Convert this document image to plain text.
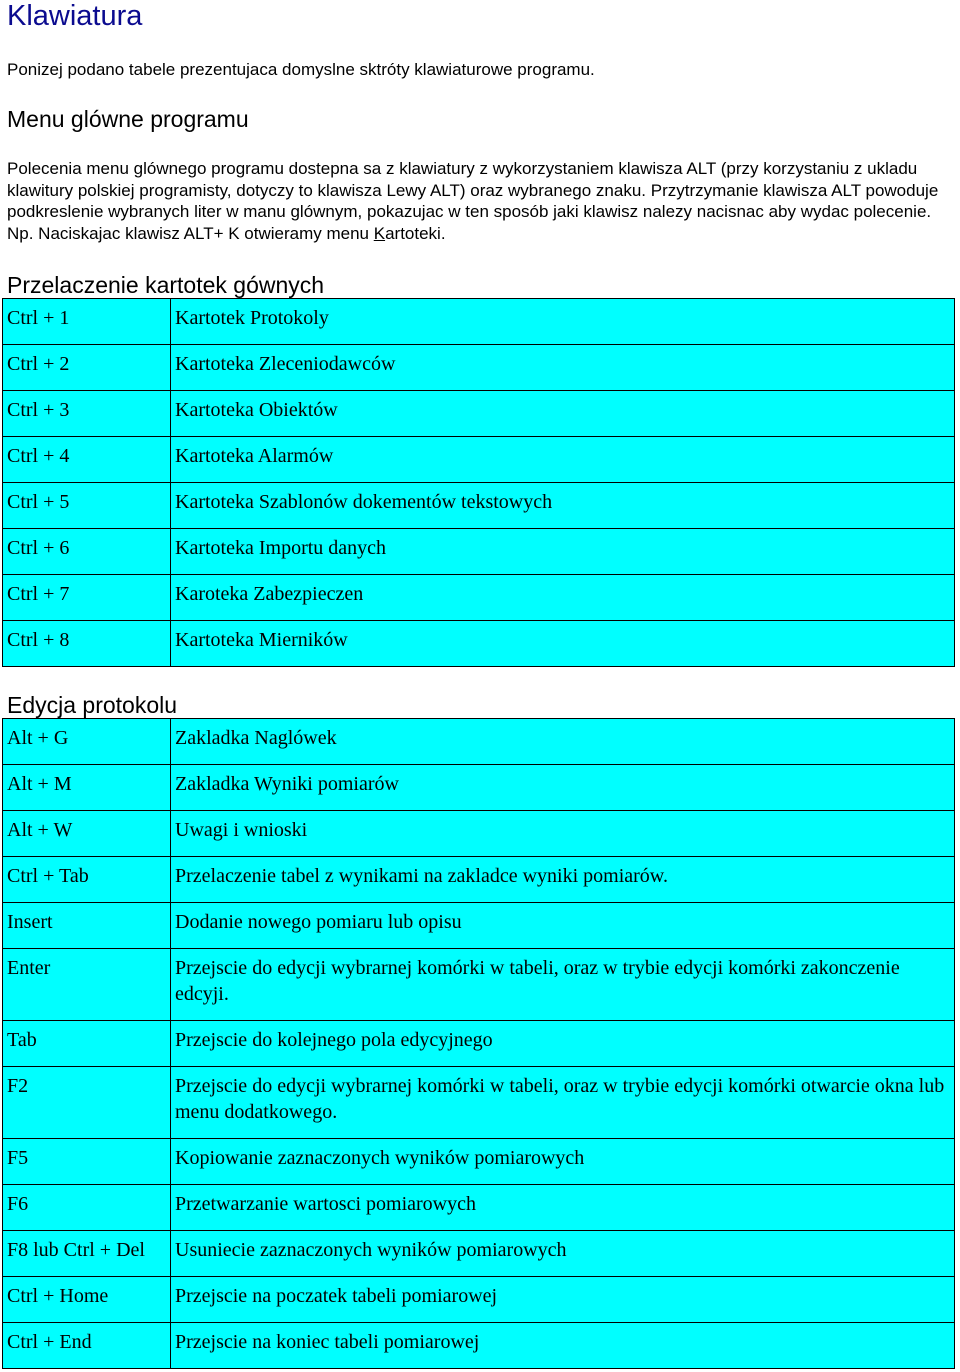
Klawiatura

Ponizej podano tabele prezentujaca domyslne sktróty klawiaturowe programu.

Menu glówne programu

Polecenia menu glównego programu dostepna sa z klawiatury z wykorzystaniem klawisza ALT (przy korzystaniu z ukladu klawitury polskiej programisty, dotyczy to klawisza Lewy ALT) oraz wybranego znaku. Przytrzymanie klawisza ALT powoduje podkreslenie wybranych liter w manu glównym, pokazujac w ten sposób jaki klawisz nalezy nacisnac aby wydac polecenie. Np. Naciskajac klawisz ALT+ K otwieramy menu Kartoteki.

Przelaczenie kartotek gównych
Ctrl + 1	Kartotek Protokoly
Ctrl + 2	Kartoteka Zleceniodawców
Ctrl + 3	Kartoteka Obiektów
Ctrl + 4	Kartoteka Alarmów
Ctrl + 5	Kartoteka Szablonów dokementów tekstowych
Ctrl + 6	Kartoteka Importu danych
Ctrl + 7	Karoteka Zabezpieczen
Ctrl + 8	Kartoteka Mierników
Edycja protokolu
Alt + G	Zakladka Naglówek
Alt + M	Zakladka Wyniki pomiarów
Alt + W	Uwagi i wnioski
Ctrl + Tab	Przelaczenie tabel z wynikami na zakladce wyniki pomiarów.
Insert	Dodanie nowego pomiaru lub opisu
Enter	Przejscie do edycji wybrarnej komórki w tabeli, oraz w trybie edycji komórki zakonczenie edcyji.
Tab	Przejscie do kolejnego pola edycyjnego
F2	Przejscie do edycji wybrarnej komórki w tabeli, oraz w trybie edycji komórki otwarcie okna lub menu dodatkowego.
F5	Kopiowanie zaznaczonych wyników pomiarowych
F6	Przetwarzanie wartosci pomiarowych
F8 lub Ctrl + Del	Usuniecie zaznaczonych wyników pomiarowych
Ctrl + Home	Przejscie na poczatek tabeli pomiarowej
Ctrl + End	Przejscie na koniec tabeli pomiarowej
